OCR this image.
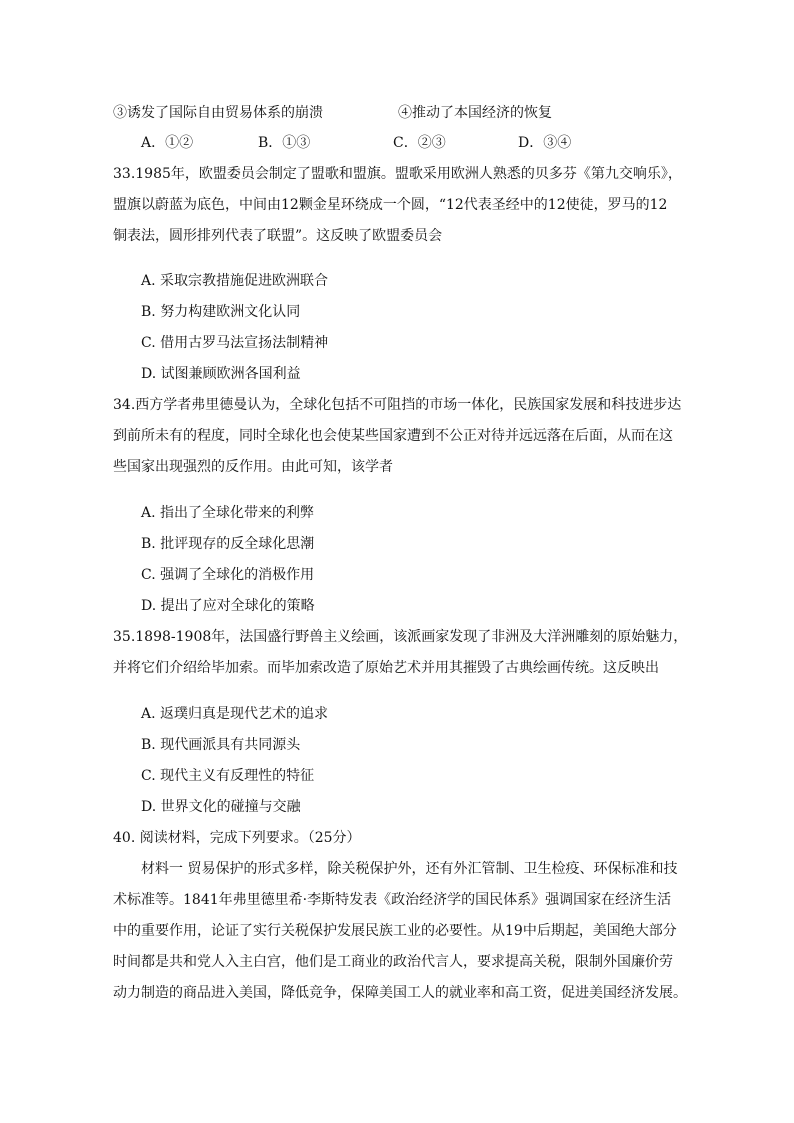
③诱发了国际自由贸易体系的崩溃	④推动了本国经济的恢复
A．①②	B．①③	C．②③	D．③④
33.1985年，欧盟委员会制定了盟歌和盟旗。盟歌采用欧洲人熟悉的贝多芬《第九交响乐》，
盟旗以蔚蓝为底色，中间由12颗金星环绕成一个圆，“12代表圣经中的12使徒，罗马的12
铜表法，圆形排列代表了联盟”。这反映了欧盟委员会
A. 采取宗教措施促进欧洲联合
B. 努力构建欧洲文化认同
C. 借用古罗马法宣扬法制精神
D. 试图兼顾欧洲各国利益
34.西方学者弗里德曼认为，全球化包括不可阻挡的市场一体化，民族国家发展和科技进步达
到前所未有的程度，同时全球化也会使某些国家遭到不公正对待并远远落在后面，从而在这
些国家出现强烈的反作用。由此可知，该学者
A. 指出了全球化带来的利弊
B. 批评现存的反全球化思潮
C. 强调了全球化的消极作用
D. 提出了应对全球化的策略
35.1898-1908年，法国盛行野兽主义绘画，该派画家发现了非洲及大洋洲雕刻的原始魅力，
并将它们介绍给毕加索。而毕加索改造了原始艺术并用其摧毁了古典绘画传统。这反映出
A. 返璞归真是现代艺术的追求
B. 现代画派具有共同源头
C. 现代主义有反理性的特征
D. 世界文化的碰撞与交融
40. 阅读材料，完成下列要求。（25分）
材料一 贸易保护的形式多样，除关税保护外，还有外汇管制、卫生检疫、环保标准和技
术标准等。1841年弗里德里希·李斯特发表《政治经济学的国民体系》强调国家在经济生活
中的重要作用，论证了实行关税保护发展民族工业的必要性。从19中后期起，美国绝大部分
时间都是共和党人入主白宫，他们是工商业的政治代言人，要求提高关税，限制外国廉价劳
动力制造的商品进入美国，降低竞争，保障美国工人的就业率和高工资，促进美国经济发展。
